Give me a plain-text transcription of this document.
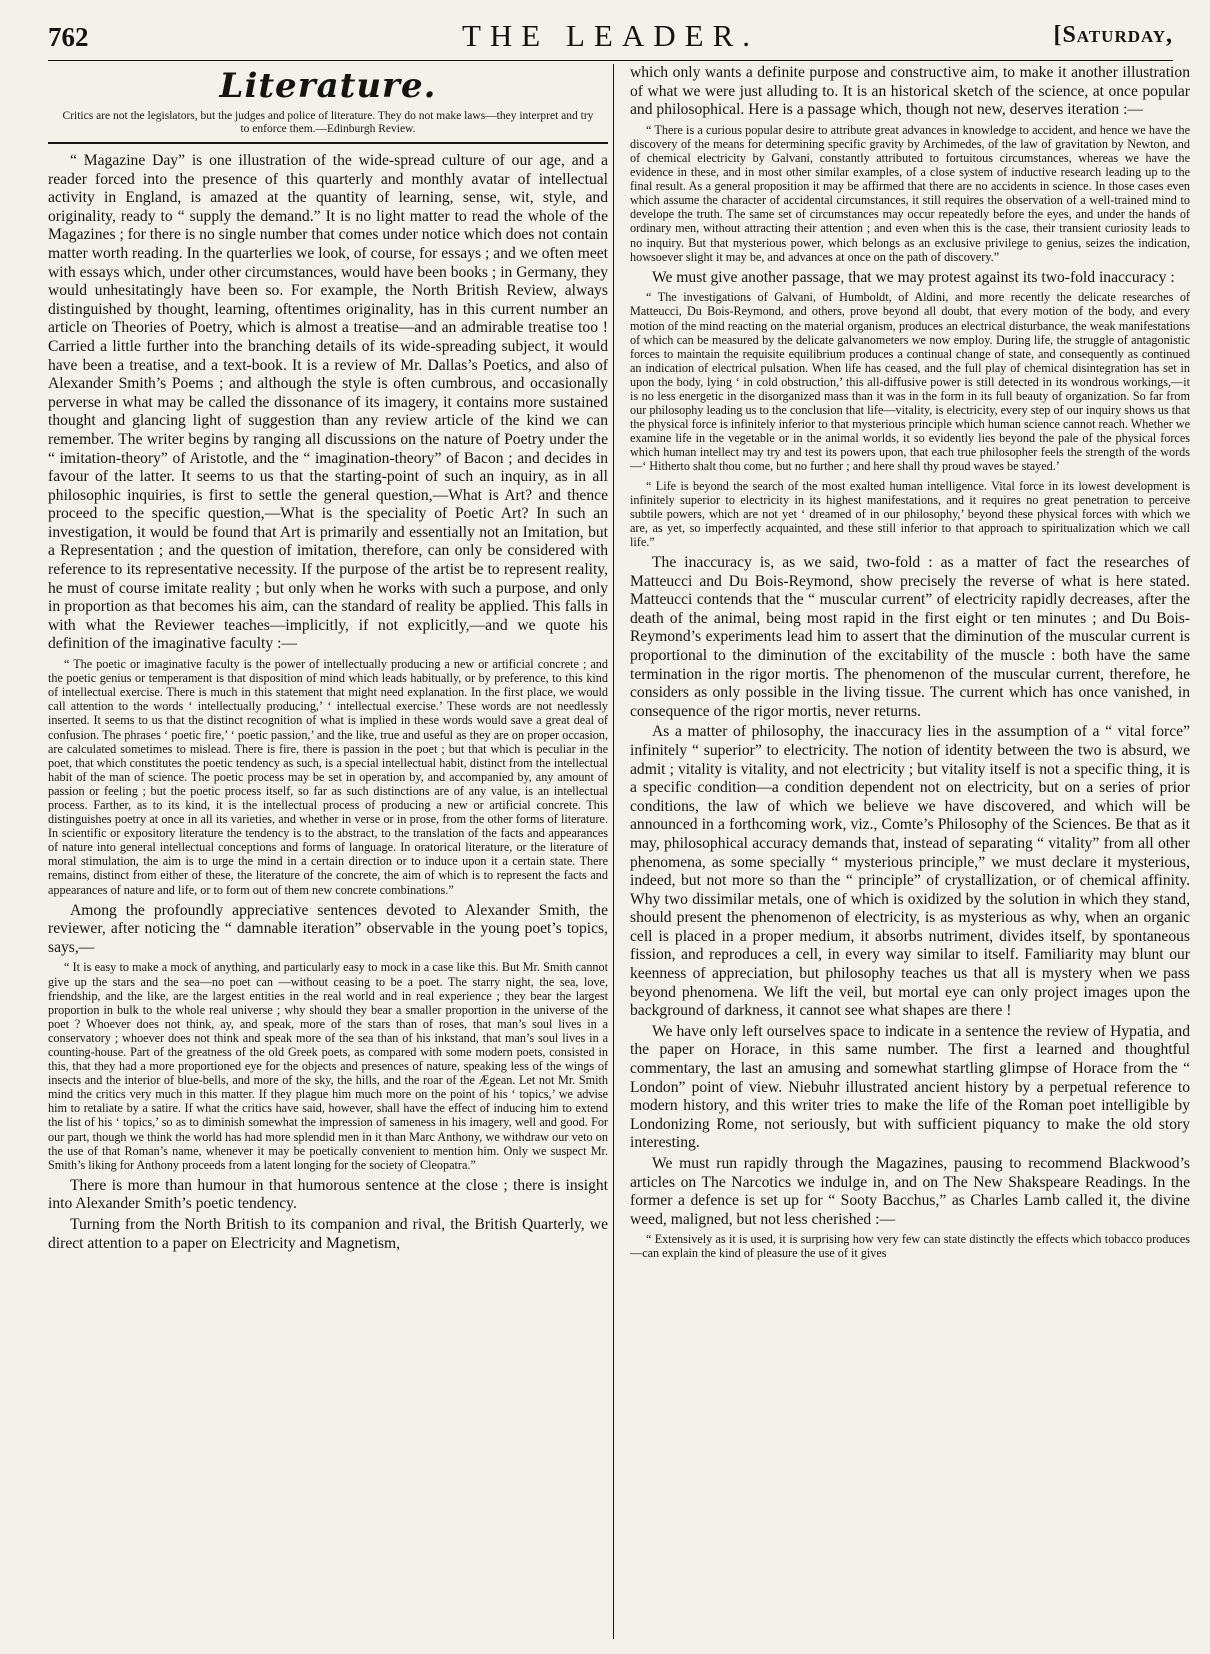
762	THE LEADER.	[Saturday,
Literature.

Critics are not the legislators, but the judges and police of literature. They do not make laws—they interpret and try to enforce them.—Edinburgh Review.

“ Magazine Day” is one illustration of the wide-spread culture of our age, and a reader forced into the presence of this quarterly and monthly avatar of intellectual activity in England, is amazed at the quantity of learning, sense, wit, style, and originality, ready to “ supply the demand.” It is no light matter to read the whole of the Magazines ; for there is no single number that comes under notice which does not contain matter worth reading. In the quarterlies we look, of course, for essays ; and we often meet with essays which, under other circumstances, would have been books ; in Germany, they would unhesitatingly have been so. For example, the North British Review, always distinguished by thought, learning, oftentimes originality, has in this current number an article on Theories of Poetry, which is almost a treatise—and an admirable treatise too ! Carried a little further into the branching details of its wide-spreading subject, it would have been a treatise, and a text-book. It is a review of Mr. Dallas’s Poetics, and also of Alexander Smith’s Poems ; and although the style is often cumbrous, and occasionally perverse in what may be called the dissonance of its imagery, it contains more sustained thought and glancing light of suggestion than any review article of the kind we can remember. The writer begins by ranging all discussions on the nature of Poetry under the “ imitation-theory” of Aristotle, and the “ imagination-theory” of Bacon ; and decides in favour of the latter. It seems to us that the starting-point of such an inquiry, as in all philosophic inquiries, is first to settle the general question,—What is Art? and thence proceed to the specific question,—What is the speciality of Poetic Art? In such an investigation, it would be found that Art is primarily and essentially not an Imitation, but a Representation ; and the question of imitation, therefore, can only be considered with reference to its representative necessity. If the purpose of the artist be to represent reality, he must of course imitate reality ; but only when he works with such a purpose, and only in proportion as that becomes his aim, can the standard of reality be applied. This falls in with what the Reviewer teaches—implicitly, if not explicitly,—and we quote his definition of the imaginative faculty :—

“ The poetic or imaginative faculty is the power of intellectually producing a new or artificial concrete ; and the poetic genius or temperament is that disposition of mind which leads habitually, or by preference, to this kind of intellectual exercise. There is much in this statement that might need explanation. In the first place, we would call attention to the words ‘ intellectually producing,’ ‘ intellectual exercise.’ These words are not needlessly inserted. It seems to us that the distinct recognition of what is implied in these words would save a great deal of confusion. The phrases ‘ poetic fire,’ ‘ poetic passion,’ and the like, true and useful as they are on proper occasion, are calculated sometimes to mislead. There is fire, there is passion in the poet ; but that which is peculiar in the poet, that which constitutes the poetic tendency as such, is a special intellectual habit, distinct from the intellectual habit of the man of science. The poetic process may be set in operation by, and accompanied by, any amount of passion or feeling ; but the poetic process itself, so far as such distinctions are of any value, is an intellectual process. Farther, as to its kind, it is the intellectual process of producing a new or artificial concrete. This distinguishes poetry at once in all its varieties, and whether in verse or in prose, from the other forms of literature. In scientific or expository literature the tendency is to the abstract, to the translation of the facts and appearances of nature into general intellectual conceptions and forms of language. In oratorical literature, or the literature of moral stimulation, the aim is to urge the mind in a certain direction or to induce upon it a certain state. There remains, distinct from either of these, the literature of the concrete, the aim of which is to represent the facts and appearances of nature and life, or to form out of them new concrete combinations.”

Among the profoundly appreciative sentences devoted to Alexander Smith, the reviewer, after noticing the “ damnable iteration” observable in the young poet’s topics, says,—

“ It is easy to make a mock of anything, and particularly easy to mock in a case like this. But Mr. Smith cannot give up the stars and the sea—no poet can —without ceasing to be a poet. The starry night, the sea, love, friendship, and the like, are the largest entities in the real world and in real experience ; they bear the largest proportion in bulk to the whole real universe ; why should they bear a smaller proportion in the universe of the poet ? Whoever does not think, ay, and speak, more of the stars than of roses, that man’s soul lives in a conservatory ; whoever does not think and speak more of the sea than of his inkstand, that man’s soul lives in a counting-house. Part of the greatness of the old Greek poets, as compared with some modern poets, consisted in this, that they had a more proportioned eye for the objects and presences of nature, speaking less of the wings of insects and the interior of blue-bells, and more of the sky, the hills, and the roar of the Ægean. Let not Mr. Smith mind the critics very much in this matter. If they plague him much more on the point of his ‘ topics,’ we advise him to retaliate by a satire. If what the critics have said, however, shall have the effect of inducing him to extend the list of his ‘ topics,’ so as to diminish somewhat the impression of sameness in his imagery, well and good. For our part, though we think the world has had more splendid men in it than Marc Anthony, we withdraw our veto on the use of that Roman’s name, whenever it may be poetically convenient to mention him. Only we suspect Mr. Smith’s liking for Anthony proceeds from a latent longing for the society of Cleopatra.”

There is more than humour in that humorous sentence at the close ; there is insight into Alexander Smith’s poetic tendency.

Turning from the North British to its companion and rival, the British Quarterly, we direct attention to a paper on Electricity and Magnetism,

which only wants a definite purpose and constructive aim, to make it another illustration of what we were just alluding to. It is an historical sketch of the science, at once popular and philosophical. Here is a passage which, though not new, deserves iteration :—

“ There is a curious popular desire to attribute great advances in knowledge to accident, and hence we have the discovery of the means for determining specific gravity by Archimedes, of the law of gravitation by Newton, and of chemical electricity by Galvani, constantly attributed to fortuitous circumstances, whereas we have the evidence in these, and in most other similar examples, of a close system of inductive research leading up to the final result. As a general proposition it may be affirmed that there are no accidents in science. In those cases even which assume the character of accidental circumstances, it still requires the observation of a well-trained mind to develope the truth. The same set of circumstances may occur repeatedly before the eyes, and under the hands of ordinary men, without attracting their attention ; and even when this is the case, their transient curiosity leads to no inquiry. But that mysterious power, which belongs as an exclusive privilege to genius, seizes the indication, howsoever slight it may be, and advances at once on the path of discovery.”

We must give another passage, that we may protest against its two-fold inaccuracy :

“ The investigations of Galvani, of Humboldt, of Aldini, and more recently the delicate researches of Matteucci, Du Bois-Reymond, and others, prove beyond all doubt, that every motion of the body, and every motion of the mind reacting on the material organism, produces an electrical disturbance, the weak manifestations of which can be measured by the delicate galvanometers we now employ. During life, the struggle of antagonistic forces to maintain the requisite equilibrium produces a continual change of state, and consequently as continued an indication of electrical pulsation. When life has ceased, and the full play of chemical disintegration has set in upon the body, lying ‘ in cold obstruction,’ this all-diffusive power is still detected in its wondrous workings,—it is no less energetic in the disorganized mass than it was in the form in its full beauty of organization. So far from our philosophy leading us to the conclusion that life—vitality, is electricity, every step of our inquiry shows us that the physical force is infinitely inferior to that mysterious principle which human science cannot reach. Whether we examine life in the vegetable or in the animal worlds, it so evidently lies beyond the pale of the physical forces which human intellect may try and test its powers upon, that each true philosopher feels the strength of the words—‘ Hitherto shalt thou come, but no further ; and here shall thy proud waves be stayed.’

“ Life is beyond the search of the most exalted human intelligence. Vital force in its lowest development is infinitely superior to electricity in its highest manifestations, and it requires no great penetration to perceive subtile powers, which are not yet ‘ dreamed of in our philosophy,’ beyond these physical forces with which we are, as yet, so imperfectly acquainted, and these still inferior to that approach to spiritualization which we call life.”

The inaccuracy is, as we said, two-fold : as a matter of fact the researches of Matteucci and Du Bois-Reymond, show precisely the reverse of what is here stated. Matteucci contends that the “ muscular current” of electricity rapidly decreases, after the death of the animal, being most rapid in the first eight or ten minutes ; and Du Bois-Reymond’s experiments lead him to assert that the diminution of the muscular current is proportional to the diminution of the excitability of the muscle : both have the same termination in the rigor mortis. The phenomenon of the muscular current, therefore, he considers as only possible in the living tissue. The current which has once vanished, in consequence of the rigor mortis, never returns.

As a matter of philosophy, the inaccuracy lies in the assumption of a “ vital force” infinitely “ superior” to electricity. The notion of identity between the two is absurd, we admit ; vitality is vitality, and not electricity ; but vitality itself is not a specific thing, it is a specific condition—a condition dependent not on electricity, but on a series of prior conditions, the law of which we believe we have discovered, and which will be announced in a forthcoming work, viz., Comte’s Philosophy of the Sciences. Be that as it may, philosophical accuracy demands that, instead of separating “ vitality” from all other phenomena, as some specially “ mysterious principle,” we must declare it mysterious, indeed, but not more so than the “ principle” of crystallization, or of chemical affinity. Why two dissimilar metals, one of which is oxidized by the solution in which they stand, should present the phenomenon of electricity, is as mysterious as why, when an organic cell is placed in a proper medium, it absorbs nutriment, divides itself, by spontaneous fission, and reproduces a cell, in every way similar to itself. Familiarity may blunt our keenness of appreciation, but philosophy teaches us that all is mystery when we pass beyond phenomena. We lift the veil, but mortal eye can only project images upon the background of darkness, it cannot see what shapes are there !

We have only left ourselves space to indicate in a sentence the review of Hypatia, and the paper on Horace, in this same number. The first a learned and thoughtful commentary, the last an amusing and somewhat startling glimpse of Horace from the “ London” point of view. Niebuhr illustrated ancient history by a perpetual reference to modern history, and this writer tries to make the life of the Roman poet intelligible by Londonizing Rome, not seriously, but with sufficient piquancy to make the old story interesting.

We must run rapidly through the Magazines, pausing to recommend Blackwood’s articles on The Narcotics we indulge in, and on The New Shakspeare Readings. In the former a defence is set up for “ Sooty Bacchus,” as Charles Lamb called it, the divine weed, maligned, but not less cherished :—

“ Extensively as it is used, it is surprising how very few can state distinctly the effects which tobacco produces—can explain the kind of pleasure the use of it gives
